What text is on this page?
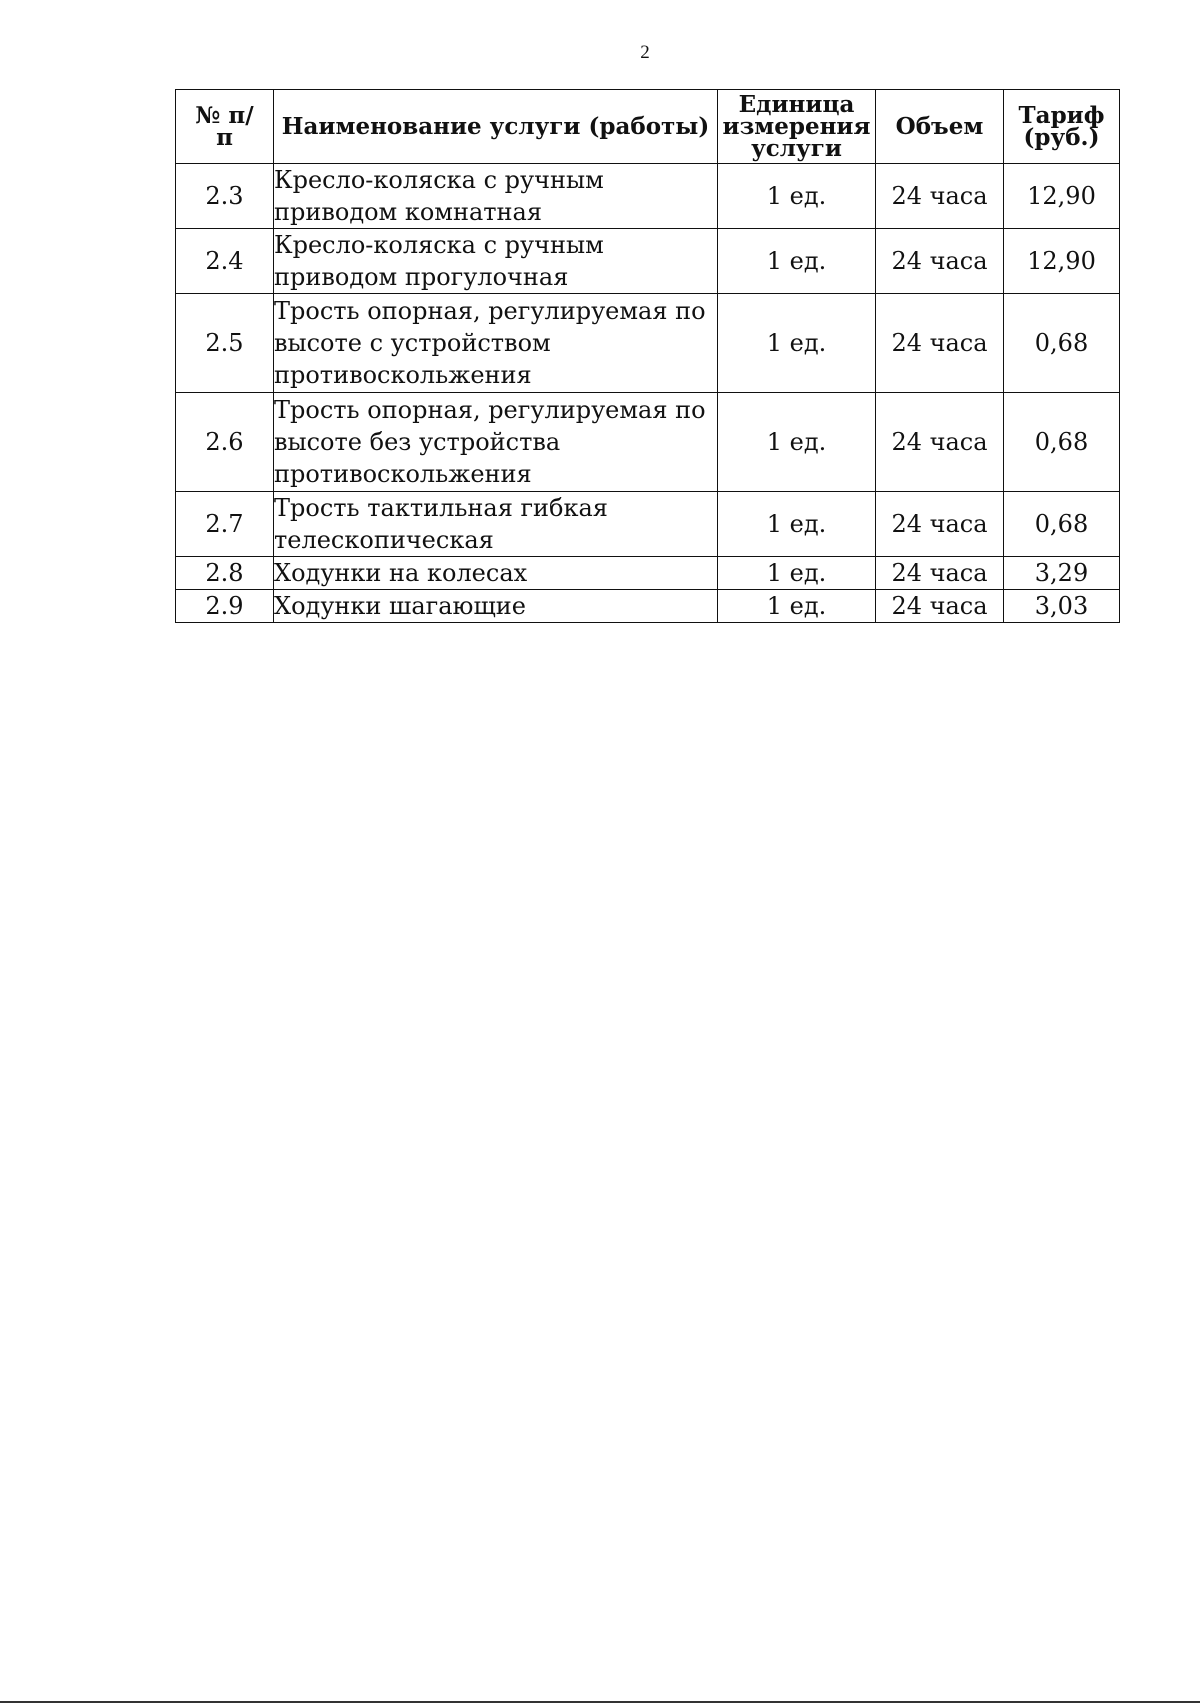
2
№ п/п	Наименование услуги (работы)	Единица измерения услуги	Объем	Тариф (руб.)
2.3	Кресло-коляска с ручным приводом комнатная	1 ед.	24 часа	12,90
2.4	Кресло-коляска с ручным приводом прогулочная	1 ед.	24 часа	12,90
2.5	Трость опорная, регулируемая по высоте с устройством противоскольжения	1 ед.	24 часа	0,68
2.6	Трость опорная, регулируемая по высоте без устройства противоскольжения	1 ед.	24 часа	0,68
2.7	Трость тактильная гибкая телескопическая	1 ед.	24 часа	0,68
2.8	Ходунки на колесах	1 ед.	24 часа	3,29
2.9	Ходунки шагающие	1 ед.	24 часа	3,03
